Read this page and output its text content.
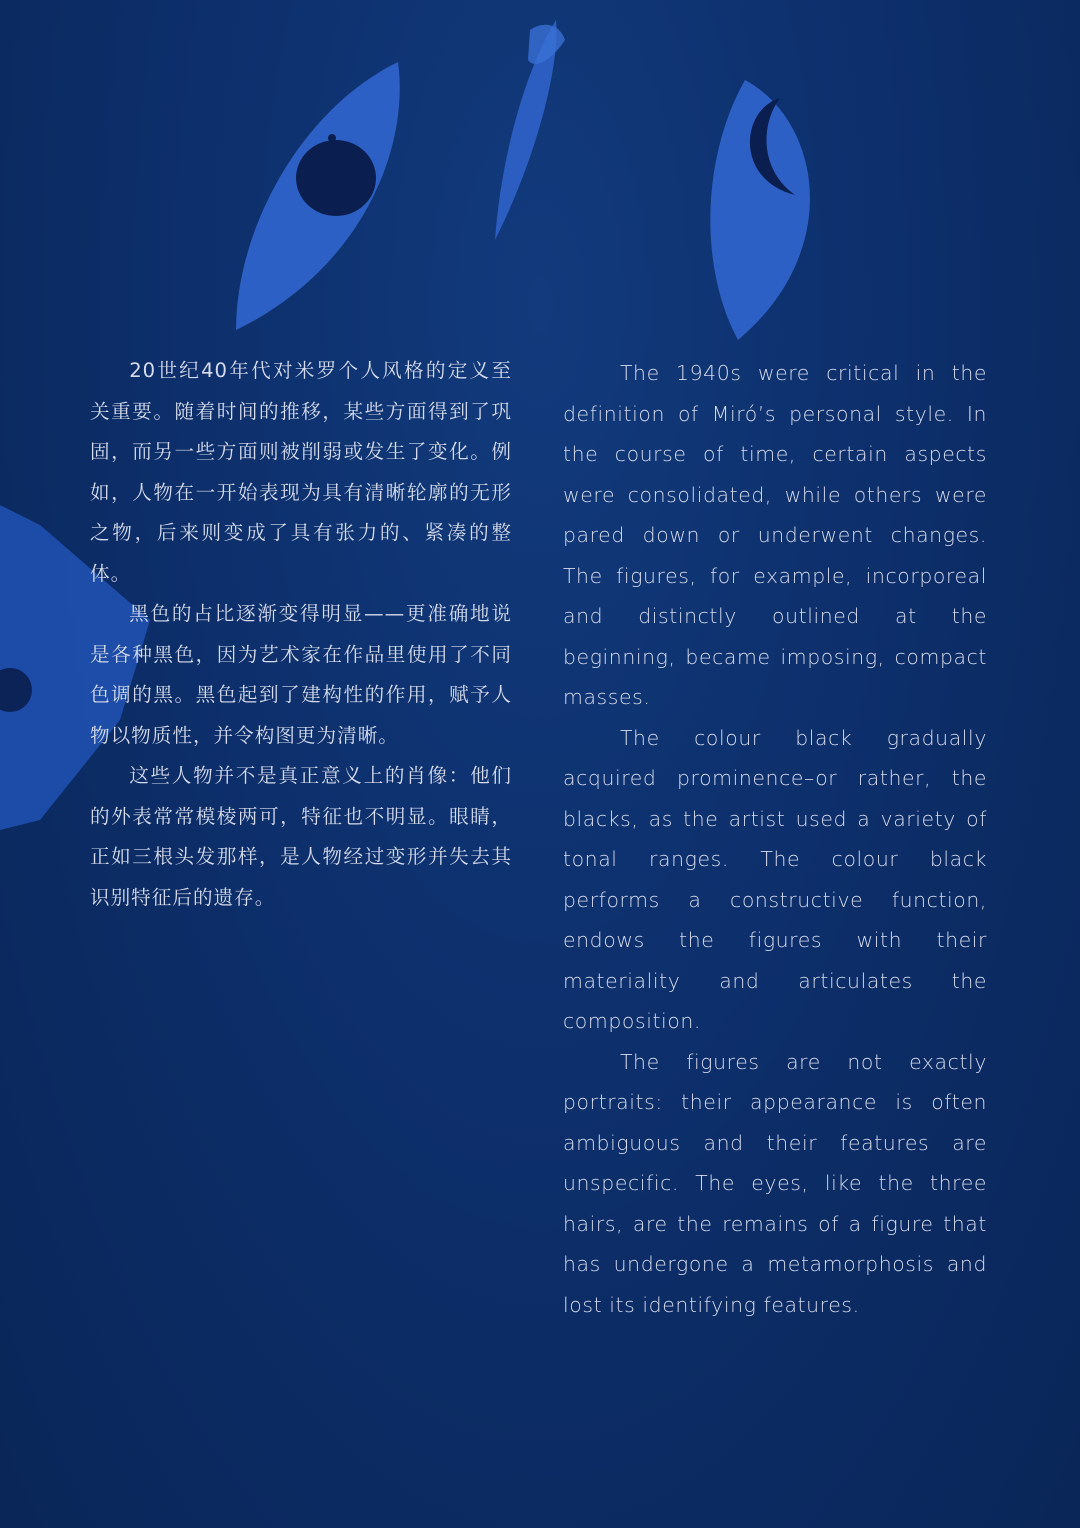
20世纪40年代对米罗个人风格的定义至关重要。随着时间的推移，某些方面得到了巩固，而另一些方面则被削弱或发生了变化。例如，人物在一开始表现为具有清晰轮廓的无形之物，后来则变成了具有张力的、紧凑的整体。

黑色的占比逐渐变得明显——更准确地说是各种黑色，因为艺术家在作品里使用了不同色调的黑。黑色起到了建构性的作用，赋予人物以物质性，并令构图更为清晰。

这些人物并不是真正意义上的肖像：他们的外表常常模棱两可，特征也不明显。眼睛，正如三根头发那样，是人物经过变形并失去其识别特征后的遗存。

The 1940s were critical in the definition of Miró’s personal style. In the course of time, certain aspects were consolidated, while others were pared down or underwent changes. The figures, for example, incorporeal and distinctly outlined at the beginning, became imposing, compact masses.

The colour black gradually acquired prominence–or rather, the blacks, as the artist used a variety of tonal ranges. The colour black performs a constructive function, endows the figures with their materiality and articulates the composition.

The figures are not exactly portraits: their appearance is often ambiguous and their features are unspecific. The eyes, like the three hairs, are the remains of a figure that has undergone a metamorphosis and lost its identifying features.
